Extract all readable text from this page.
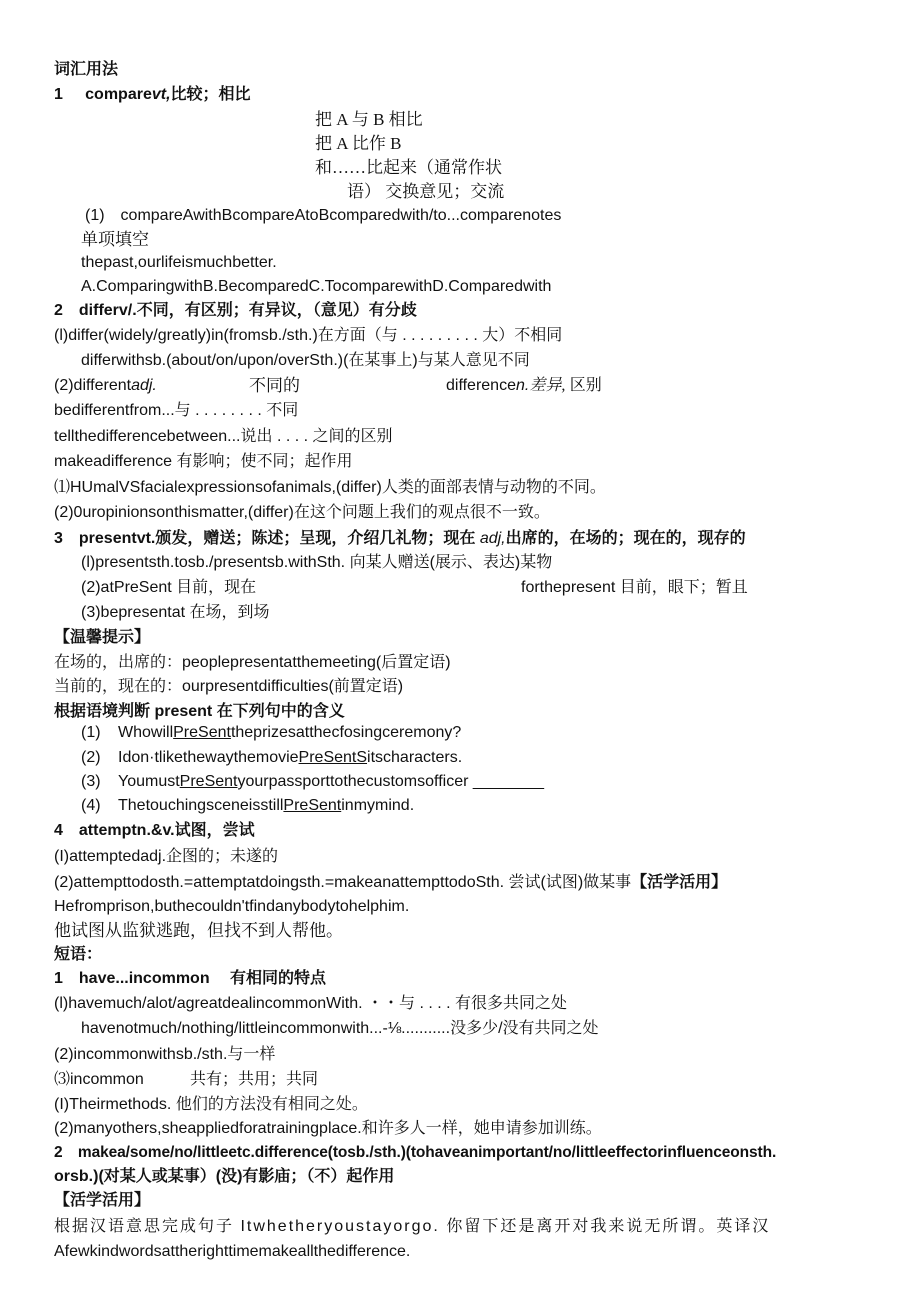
词汇用法
1 comparevt,比较；相比
把 A 与 B 相比
把 A 比作 B
和……比起来（通常作状
语） 交换意见；交流
(1)　compareAwithBcompareAtoBcomparedwith/to...comparenotes
单项填空
thepast,ourlifeismuchbetter.
A.ComparingwithB.BecomparedC.TocomparewithD.Comparedwith
2　differv/.不同，有区别；有异议，（意见）有分歧
(l)differ(widely/greatly)in(fromsb./sth.)在方面（与 . . . . . . . . . 大）不相同
differwithsb.(about/on/upon/overSth.)(在某事上)与某人意见不同
(2)differentadj.	不同的	differencen.差异, 区别
bedifferentfrom...与 . . . . . . . . 不同
tellthedifferencebetween...说出 . . . . 之间的区别
makeadifference 有影响；使不同；起作用
⑴HUmalVSfacialexpressionsofanimals,(differ)人类的面部表情与动物的不同。
(2)0uropinionsonthismatter,(differ)在这个问题上我们的观点很不一致。
3　presentvt.颁发，赠送；陈述；呈现，介绍几礼物；现在 adj,出席的，在场的；现在的，现存的
(l)presentsth.tosb./presentsb.withSth. 向某人赠送(展示、表达)某物
(2)atPreSent 目前，现在	forthepresent 目前，眼下；暂且
(3)bepresentat 在场，到场
【温馨提示】
在场的，出席的：peoplepresentatthemeeting(后置定语)
当前的，现在的：ourpresentdifficulties(前置定语)
根据语境判断 present 在下列句中的含义
(1) WhowillPreSenttheprizesatthecfosingceremony?
(2) Idon·tlikethewaythemoviePreSentSitscharacters.
(3) YoumustPreSentyourpassporttothecustomsofficer ________
(4) ThetouchingsceneisstillPreSentinmymind.
4　attemptn.&v.试图，尝试
(I)attemptedadj.企图的；未遂的
(2)attempttodosth.=attemptatdoingsth.=makeanattempttodoSth. 尝试(试图)做某事【活学活用】
Hefromprison,buthecouldn'tfindanybodytohelphim.
他试图从监狱逃跑，但找不到人帮他。
短语：
1　have...incommon　 有相同的特点
(l)havemuch/alot/agreatdealincommonWith. ・・与 . . . . 有很多共同之处
havenotmuch/nothing/littleincommonwith...-⅛...........没多少/没有共同之处
(2)incommonwithsb./sth.与一样
⑶incommon	共有；共用；共同
(I)Theirmethods. 他们的方法没有相同之处。
(2)manyothers,sheappliedforatrainingplace.和许多人一样，她申请参加训练。
2　makea/some/no/littleetc.difference(tosb./sth.)(tohaveanimportant/no/littleeffectorinfluenceonsth.
orsb.)(对某人或某事）(没)有影庙；（不）起作用
【活学活用】
根据汉语意思完成句子 Itwhetheryoustayorgo. 你留下还是离开对我来说无所谓。英译汉
Afewkindwordsattherighttimemakeallthedifference.
